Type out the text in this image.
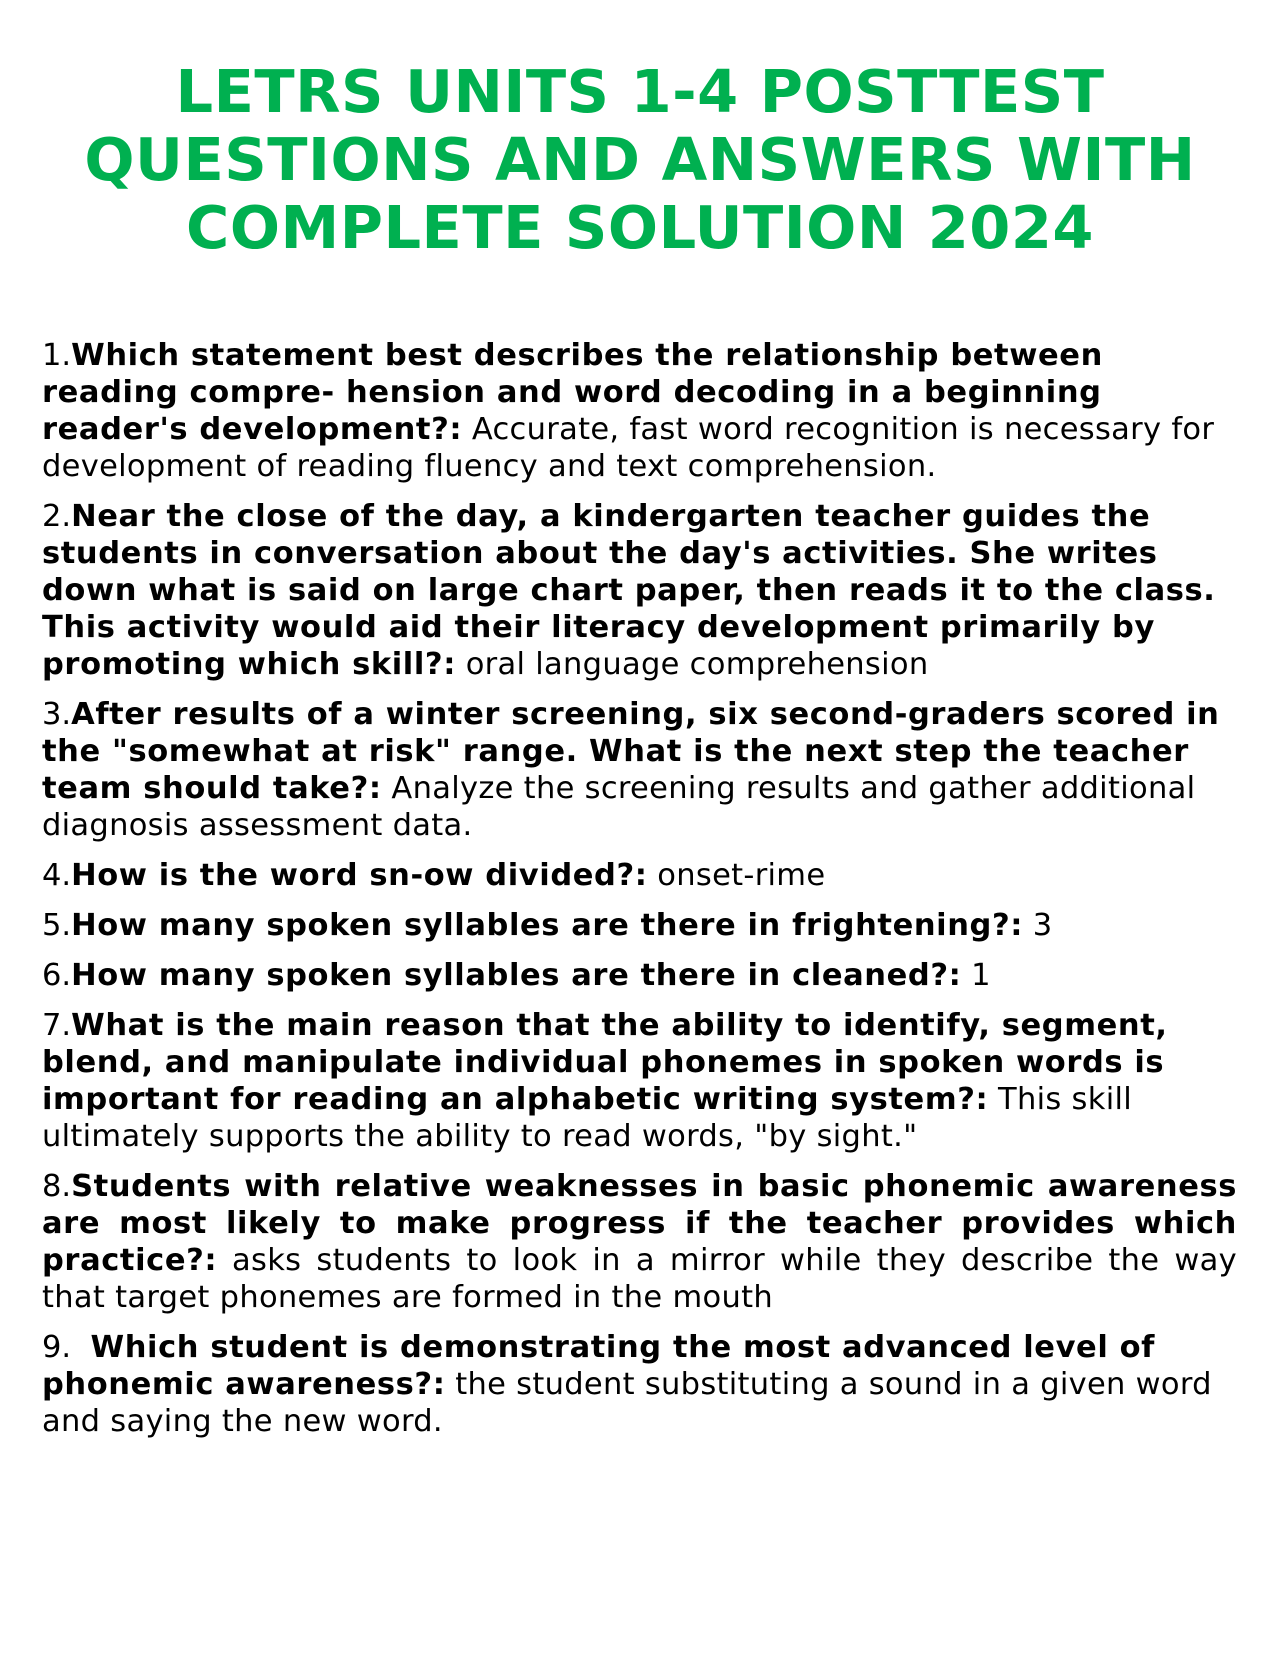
LETRS UNITS 1-4 POSTTEST QUESTIONS AND ANSWERS WITH COMPLETE SOLUTION 2024
1.Which statement best describes the relationship between reading compre- hension and word decoding in a beginning reader's development?: Accurate, fast word recognition is necessary for development of reading fluency and text comprehension.
2.Near the close of the day, a kindergarten teacher guides the students in conversation about the day's activities. She writes down what is said on large chart paper, then reads it to the class. This activity would aid their literacy development primarily by promoting which skill?: oral language comprehension
3.After results of a winter screening, six second-graders scored in the "somewhat at risk" range. What is the next step the teacher team should take?: Analyze the screening results and gather additional diagnosis assessment data.
4.How is the word sn-ow divided?: onset-rime
5.How many spoken syllables are there in frightening?: 3
6.How many spoken syllables are there in cleaned?: 1
7.What is the main reason that the ability to identify, segment, blend, and manipulate individual phonemes in spoken words is important for reading an alphabetic writing system?: This skill ultimately supports the ability to read words, "by sight."
8.Students with relative weaknesses in basic phonemic awareness are most likely to make progress if the teacher provides which practice?: asks students to look in a mirror while they describe the way that target phonemes are formed in the mouth
9. Which student is demonstrating the most advanced level of phonemic awareness?: the student substituting a sound in a given word and saying the new word.
